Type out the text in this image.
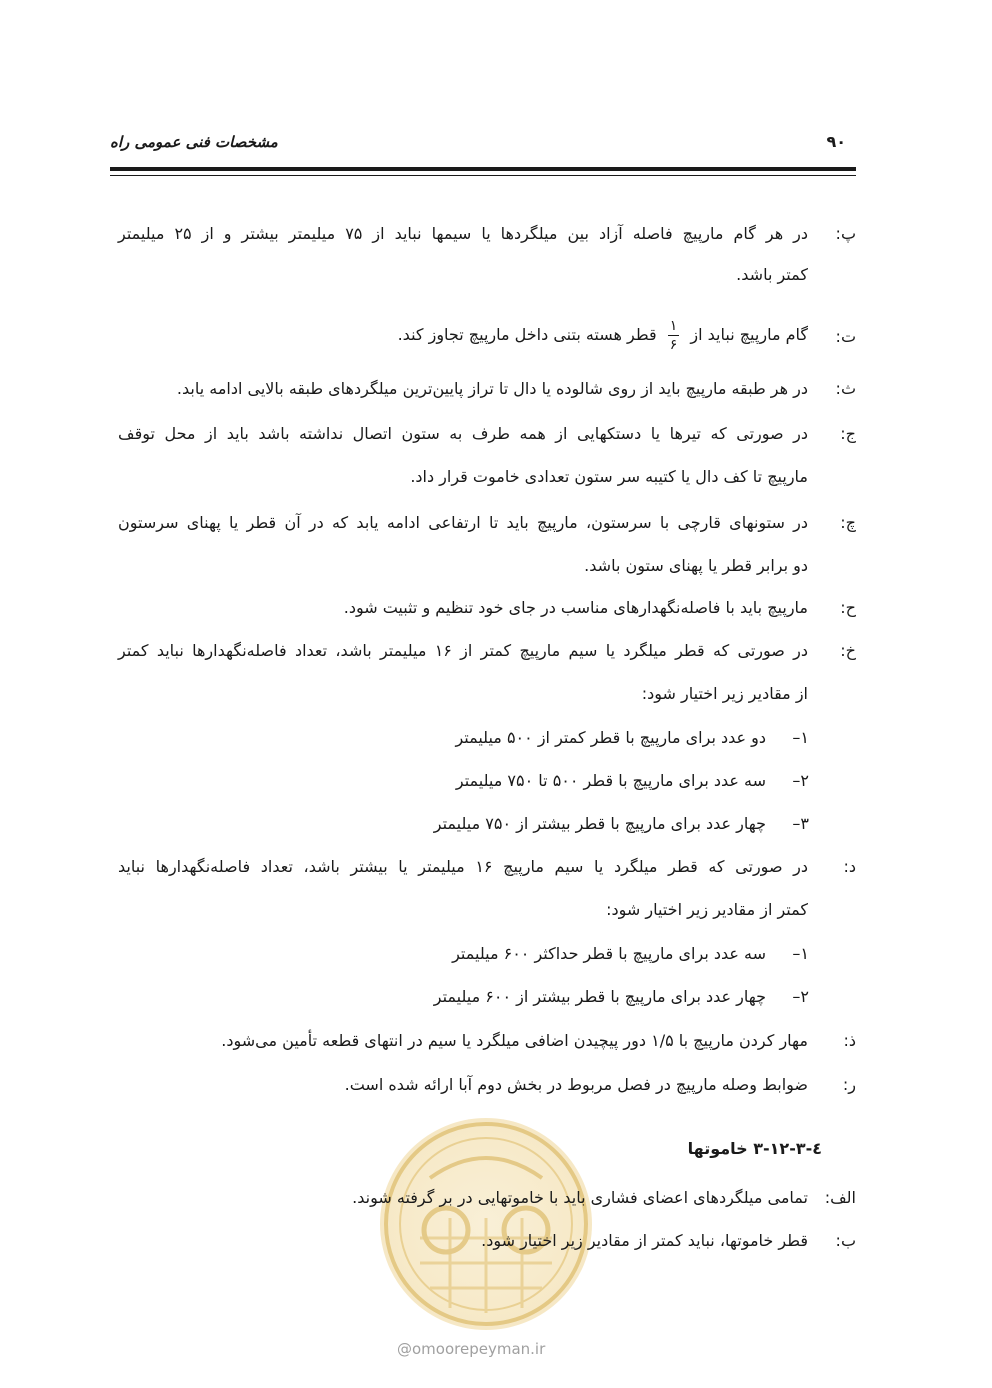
مشخصات فنی عمومی راه	۹۰
پ:
در هر گام مارپیچ فاصله آزاد بین میلگردها یا سیمها نباید از ۷۵ میلیمتر بیشتر و از ۲۵ میلیمتر
کمتر باشد.
ت:
گام مارپیچ نباید از
$\frac{۱}{۶}$
قطر هسته بتنی داخل مارپیچ تجاوز کند.
ث:
در هر طبقه مارپیچ باید از روی شالوده یا دال تا تراز پایین‌ترین میلگردهای طبقه بالایی ادامه یابد.
ج:
در صورتی که تیرها یا دستکهایی از همه طرف به ستون اتصال نداشته باشد باید از محل توقف
مارپیچ تا کف دال یا کتیبه سر ستون تعدادی خاموت قرار داد.
چ:
در ستونهای قارچی با سرستون، مارپیچ باید تا ارتفاعی ادامه یابد که در آن قطر یا پهنای سرستون
دو برابر قطر یا پهنای ستون باشد.
ح:
مارپیچ باید با فاصله‌نگهدارهای مناسب در جای خود تنظیم و تثبیت شود.
خ:
در صورتی که قطر میلگرد یا سیم مارپیچ کمتر از ۱۶ میلیمتر باشد، تعداد فاصله‌نگهدارها نباید کمتر
از مقادیر زیر اختیار شود:
۱–
دو عدد برای مارپیچ با قطر کمتر از ۵۰۰ میلیمتر
۲–
سه عدد برای مارپیچ با قطر ۵۰۰ تا ۷۵۰ میلیمتر
۳–
چهار عدد برای مارپیچ با قطر بیشتر از ۷۵۰ میلیمتر
د:
در صورتی که قطر میلگرد یا سیم مارپیچ ۱۶ میلیمتر یا بیشتر باشد، تعداد فاصله‌نگهدارها نباید
کمتر از مقادیر زیر اختیار شود:
۱–
سه عدد برای مارپیچ با قطر حداکثر ۶۰۰ میلیمتر
۲–
چهار عدد برای مارپیچ با قطر بیشتر از ۶۰۰ میلیمتر
ذ:
مهار کردن مارپیچ با ۱/۵ دور پیچیدن اضافی میلگرد یا سیم در انتهای قطعه تأمین می‌شود.
ر:
ضوابط وصله مارپیچ در فصل مربوط در بخش دوم آبا ارائه شده است.
٤-٣-١٢-٣ خاموتها
الف:
تمامی میلگردهای اعضای فشاری باید با خاموتهایی در بر گرفته شوند.
ب:
قطر خاموتها، نباید کمتر از مقادیر زیر اختیار شود.
@omoorepeyman.ir
